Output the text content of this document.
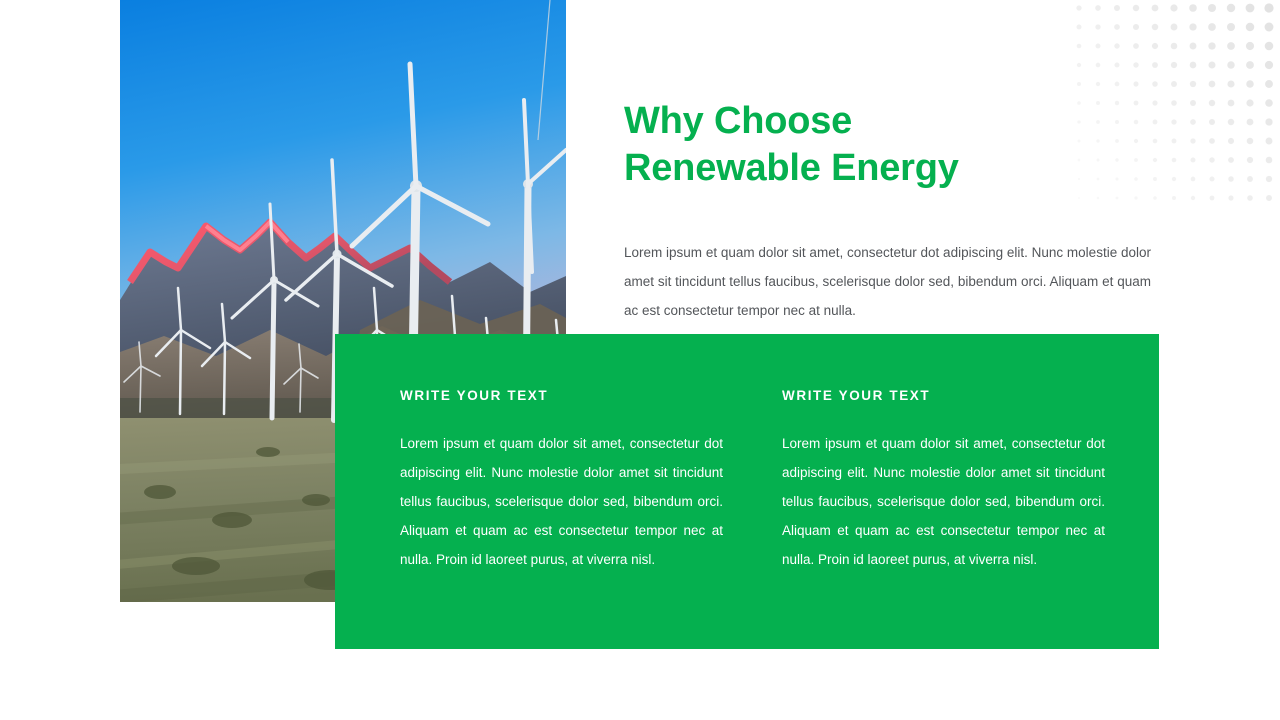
Why Choose
Renewable Energy

Lorem ipsum et quam dolor sit amet, consectetur dot adipiscing elit. Nunc molestie dolor amet sit tincidunt tellus faucibus, scelerisque dolor sed, bibendum orci. Aliquam et quam ac est consectetur tempor nec at nulla.

WRITE YOUR TEXT

Lorem ipsum et quam dolor sit amet, consectetur dot adipiscing elit. Nunc molestie dolor amet sit tincidunt tellus faucibus, scelerisque dolor sed, bibendum orci. Aliquam et quam ac est consectetur tempor nec at nulla. Proin id laoreet purus, at viverra nisl.

WRITE YOUR TEXT

Lorem ipsum et quam dolor sit amet, consectetur dot adipiscing elit. Nunc molestie dolor amet sit tincidunt tellus faucibus, scelerisque dolor sed, bibendum orci. Aliquam et quam ac est consectetur tempor nec at nulla. Proin id laoreet purus, at viverra nisl.
